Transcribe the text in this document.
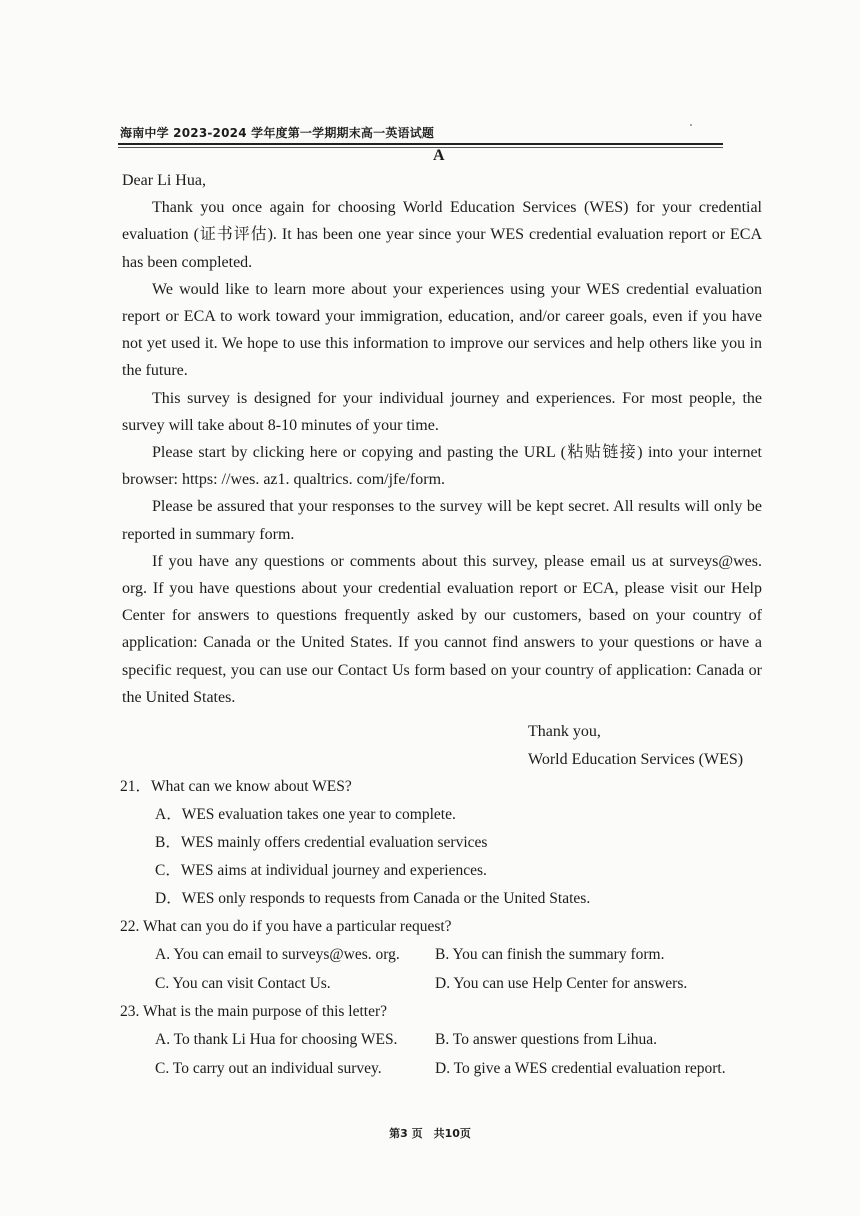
海南中学 2023-2024 学年度第一学期期末高一英语试题
A

Dear Li Hua,

Thank you once again for choosing World Education Services (WES) for your credential evaluation (证书评估). It has been one year since your WES credential evaluation report or ECA has been completed.

We would like to learn more about your experiences using your WES credential evaluation report or ECA to work toward your immigration, education, and/or career goals, even if you have not yet used it. We hope to use this information to improve our services and help others like you in the future.

This survey is designed for your individual journey and experiences. For most people, the survey will take about 8-10 minutes of your time.

Please start by clicking here or copying and pasting the URL (粘贴链接) into your internet browser: https: //wes. az1. qualtrics. com/jfe/form.

Please be assured that your responses to the survey will be kept secret. All results will only be reported in summary form.

If you have any questions or comments about this survey, please email us at surveys@wes. org. If you have questions about your credential evaluation report or ECA, please visit our Help Center for answers to questions frequently asked by our customers, based on your country of application: Canada or the United States. If you cannot find answers to your questions or have a specific request, you can use our Contact Us form based on your country of application: Canada or the United States.

Thank you,
World Education Services (WES)
21．What can we know about WES?
A．WES evaluation takes one year to complete.
B．WES mainly offers credential evaluation services
C．WES aims at individual journey and experiences.
D．WES only responds to requests from Canada or the United States.
22. What can you do if you have a particular request?
A. You can email to surveys@wes. org.	B. You can finish the summary form.
C. You can visit Contact Us.	D. You can use Help Center for answers.
23. What is the main purpose of this letter?
A. To thank Li Hua for choosing WES.	B. To answer questions from Lihua.
C. To carry out an individual survey.	D. To give a WES credential evaluation report.
第3 页　共10页
